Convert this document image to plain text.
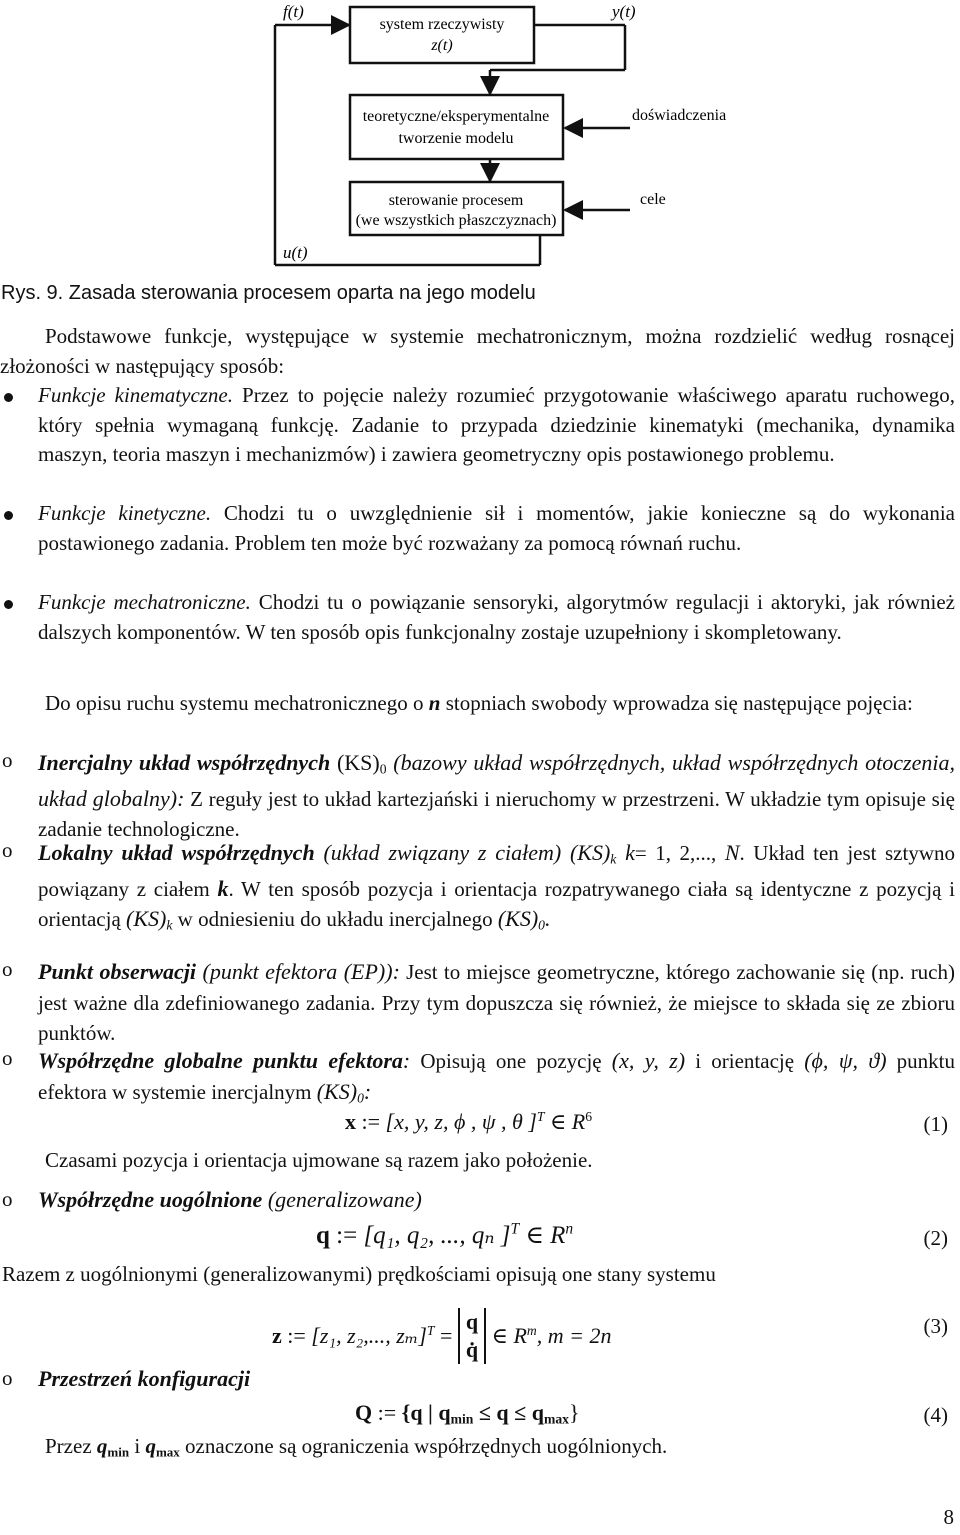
f(t)	y(t)
u(t)
system rzeczywisty
z(t)
teoretyczne/eksperymentalne
tworzenie modelu
sterowanie procesem
(we wszystkich płaszczyznach)
doświadczenia
cele
Rys. 9. Zasada sterowania procesem oparta na jego modelu
Podstawowe funkcje, występujące w systemie mechatronicznym, można rozdzielić według rosnącej złożoności w następujący sposób:
Funkcje kinematyczne. Przez to pojęcie należy rozumieć przygotowanie właściwego aparatu ruchowego, który spełnia wymaganą funkcję. Zadanie to przypada dziedzinie kinematyki (mechanika, dynamika maszyn, teoria maszyn i mechanizmów) i zawiera geometryczny opis postawionego problemu.
Funkcje kinetyczne. Chodzi tu o uwzględnienie sił i momentów, jakie konieczne są do wykonania postawionego zadania. Problem ten może być rozważany za pomocą równań ruchu.
Funkcje mechatroniczne. Chodzi tu o powiązanie sensoryki, algorytmów regulacji i aktoryki, jak również dalszych komponentów. W ten sposób opis funkcjonalny zostaje uzupełniony i skompletowany.
Do opisu ruchu systemu mechatronicznego o n stopniach swobody wprowadza się następujące pojęcia:
o Inercjalny układ współrzędnych $(KS)_0$ (bazowy układ współrzędnych, układ współrzędnych otoczenia, układ globalny): Z reguły jest to układ kartezjański i nieruchomy w przestrzeni. W układzie tym opisuje się zadanie technologiczne.
o Lokalny układ współrzędnych (układ związany z ciałem) $(KS)_k$ k= 1, 2,..., N. Układ ten jest sztywno powiązany z ciałem k. W ten sposób pozycja i orientacja rozpatrywanego ciała są identyczne z pozycją i orientacją $(KS)_k$ w odniesieniu do układu inercjalnego $(KS)_0$.
o Punkt obserwacji (punkt efektora (EP)): Jest to miejsce geometryczne, którego zachowanie się (np. ruch) jest ważne dla zdefiniowanego zadania. Przy tym dopuszcza się również, że miejsce to składa się ze zbioru punktów.
o Współrzędne globalne punktu efektora: Opisują one pozycję (x, y, z) i orientację (ϕ, ψ, ϑ) punktu efektora w systemie inercjalnym $(KS)_0$:
x := [x, y, z, ϕ , ψ , θ ]$^T$ ∈ $R^6$	(1)
Czasami pozycja i orientacja ujmowane są razem jako położenie.
o Współrzędne uogólnione (generalizowane)
q := [q₁, q₂, ..., qₙ ]$^T$ ∈ $R^n$	(2)
Razem z uogólnionymi (generalizowanymi) prędkościami opisują one stany systemu
z := [z₁, z₂,..., zₘ]$^T$ =
q
q̇
∈ $R^m$, m = 2n	(3)
o Przestrzeń konfiguracji
Q := {q | $q_{min} \le q \le q_{max}$}	(4)
Przez $q_{min}$ i $q_{max}$ oznaczone są ograniczenia współrzędnych uogólnionych.
8
